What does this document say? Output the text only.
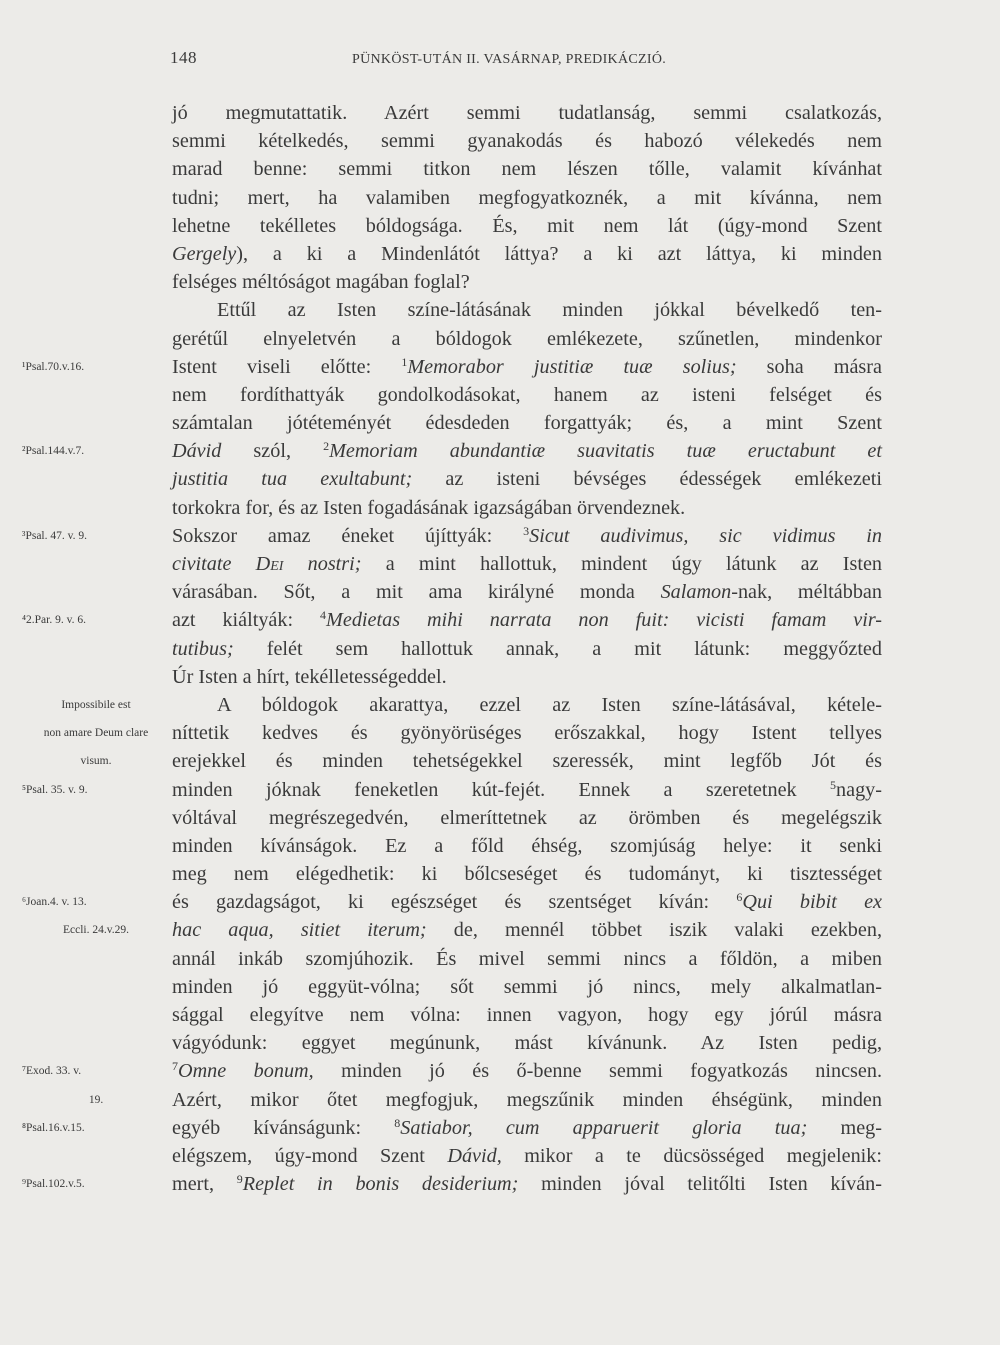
148	PÜNKÖST-UTÁN II. VASÁRNAP, PREDIKÁCZIÓ.
jó megmutattatik. Azért semmi tudatlanság, semmi csalatkozás,
semmi kételkedés, semmi gyanakodás és habozó vélekedés nem
marad benne: semmi titkon nem lészen tőlle, valamit kívánhat
tudni; mert, ha valamiben megfogyatkoznék, a mit kívánna, nem
lehetne tekélletes bóldogsága. És, mit nem lát (úgy-mond Szent
Gergely), a ki a Mindenlátót láttya? a ki azt láttya, ki minden
felséges méltóságot magában foglal?
Ettűl az Isten színe-látásának minden jókkal bévelkedő ten-
gerétűl elnyeletvén a bóldogok emlékezete, szűnetlen, mindenkor
¹Psal.70.v.16.	Istent viseli előtte: $^1$Memorabor justitiæ tuæ solius; soha másra
nem fordíthattyák gondolkodásokat, hanem az isteni felséget és
számtalan jótéteményét édesdeden forgattyák; és, a mint Szent
²Psal.144.v.7.	Dávid szól, $^2$Memoriam abundantiæ suavitatis tuæ eructabunt et
justitia tua exultabunt; az isteni bévséges édességek emlékezeti
torkokra for, és az Isten fogadásának igazságában örvendeznek.
³Psal. 47. v. 9.	Sokszor amaz éneket újíttyák: $^3$Sicut audivimus, sic vidimus in
civitate Dei nostri; a mint hallottuk, mindent úgy látunk az Isten
várasában. Sőt, a mit ama királyné monda Salamon-nak, méltábban
⁴2.Par. 9. v. 6.	azt kiáltyák: $^4$Medietas mihi narrata non fuit: vicisti famam vir-
tutibus; felét sem hallottuk annak, a mit látunk: meggyőzted
Úr Isten a hírt, tekélletességeddel.
Impossibile est	A bóldogok akarattya, ezzel az Isten színe-látásával, kétele-
non amare Deum clare níttetik kedves és gyönyörüséges erőszakkal, hogy Istent tellyes
visum.	erejekkel és minden tehetségekkel szeressék, mint legfőb Jót és
⁵Psal. 35. v. 9.	minden jóknak feneketlen kút-fejét. Ennek a szeretetnek $^5$nagy-
vóltával megrészegedvén, elmeríttetnek az örömben és megelégszik
minden kívánságok. Ez a főld éhség, szomjúság helye: it senki
meg nem elégedhetik: ki bőlcseséget és tudományt, ki tisztességet
⁶Joan.4. v. 13.	és gazdagságot, ki egészséget és szentséget kíván: $^6$Qui bibit ex
Eccli. 24.v.29.	hac aqua, sitiet iterum; de, mennél többet iszik valaki ezekben,
annál inkáb szomjúhozik. És mivel semmi nincs a főldön, a miben
minden jó eggyüt-vólna; sőt semmi jó nincs, mely alkalmatlan-
sággal elegyítve nem vólna: innen vagyon, hogy egy jórúl másra
vágyódunk: eggyet megúnunk, mást kívánunk. Az Isten pedig,
⁷Exod. 33. v.	$^7$Omne bonum, minden jó és ő-benne semmi fogyatkozás nincsen.
19.	Azért, mikor őtet megfogjuk, megszűnik minden éhségünk, minden
⁸Psal.16.v.15.	egyéb kívánságunk: $^8$Satiabor, cum apparuerit gloria tua; meg-
elégszem, úgy-mond Szent Dávid, mikor a te dücsösséged megjelenik:
⁹Psal.102.v.5.	mert, $^9$Replet in bonis desiderium; minden jóval telitőlti Isten kíván-
